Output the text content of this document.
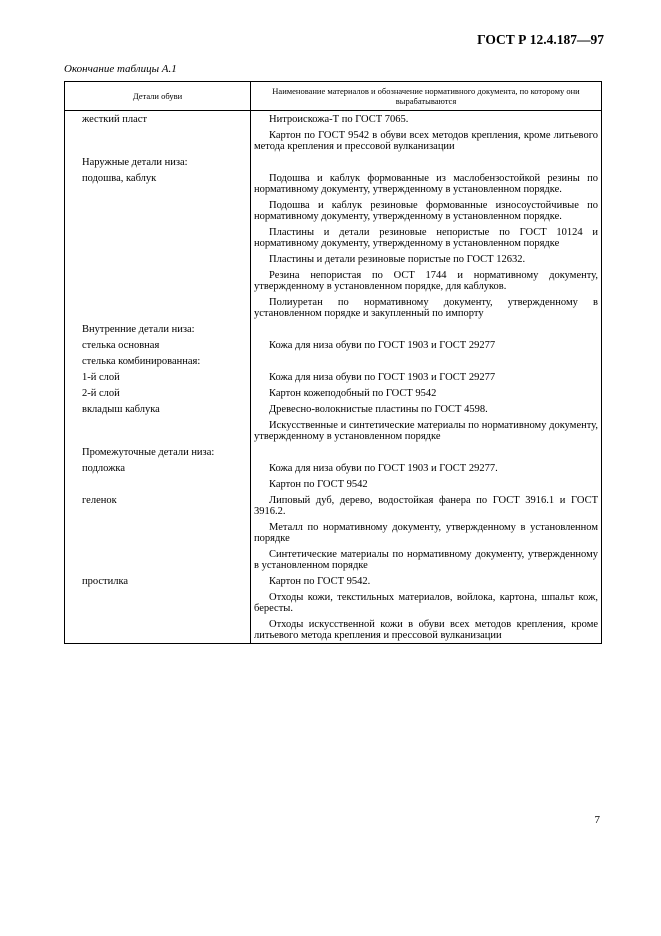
ГОСТ Р 12.4.187—97
Окончание таблицы А.1
Детали обуви	Наименование материалов и обозначение нормативного документа, по которому они вырабатываются
жесткий пласт	Нитроискожа-Т по ГОСТ 7065.
	Картон по ГОСТ 9542 в обуви всех методов крепления, кроме литьевого метода крепления и прессовой вулканизации
Наружные детали низа:	
подошва, каблук	Подошва и каблук формованные из маслобензостойкой резины по нормативному документу, утвержденному в установленном порядке.
	Подошва и каблук резиновые формованные износоустойчивые по нормативному документу, утвержденному в установленном порядке.
	Пластины и детали резиновые непористые по ГОСТ 10124 и нормативному документу, утвержденному в установленном порядке
	Пластины и детали резиновые пористые по ГОСТ 12632.
	Резина непористая по ОСТ 1744 и нормативному документу, утвержденному в установленном порядке, для каблуков.
	Полиуретан по нормативному документу, утвержденному в установленном порядке и закупленный по импорту
Внутренние детали низа:	
стелька основная	Кожа для низа обуви по ГОСТ 1903 и ГОСТ 29277
стелька комбинированная:	
1-й слой	Кожа для низа обуви по ГОСТ 1903 и ГОСТ 29277
2-й слой	Картон кожеподобный по ГОСТ 9542
вкладыш каблука	Древесно-волокнистые пластины по ГОСТ 4598.
	Искусственные и синтетические материалы по нормативному документу, утвержденному в установленном порядке
Промежуточные детали низа:	
подложка	Кожа для низа обуви по ГОСТ 1903 и ГОСТ 29277.
	Картон по ГОСТ 9542
геленок	Липовый дуб, дерево, водостойкая фанера по ГОСТ 3916.1 и ГОСТ 3916.2.
	Металл по нормативному документу, утвержденному в установленном порядке
	Синтетические материалы по нормативному документу, утвержденному в установленном порядке
простилка	Картон по ГОСТ 9542.
	Отходы кожи, текстильных материалов, войлока, картона, шпальт кож, бересты.
	Отходы искусственной кожи в обуви всех методов крепления, кроме литьевого метода крепления и прессовой вулканизации
7
